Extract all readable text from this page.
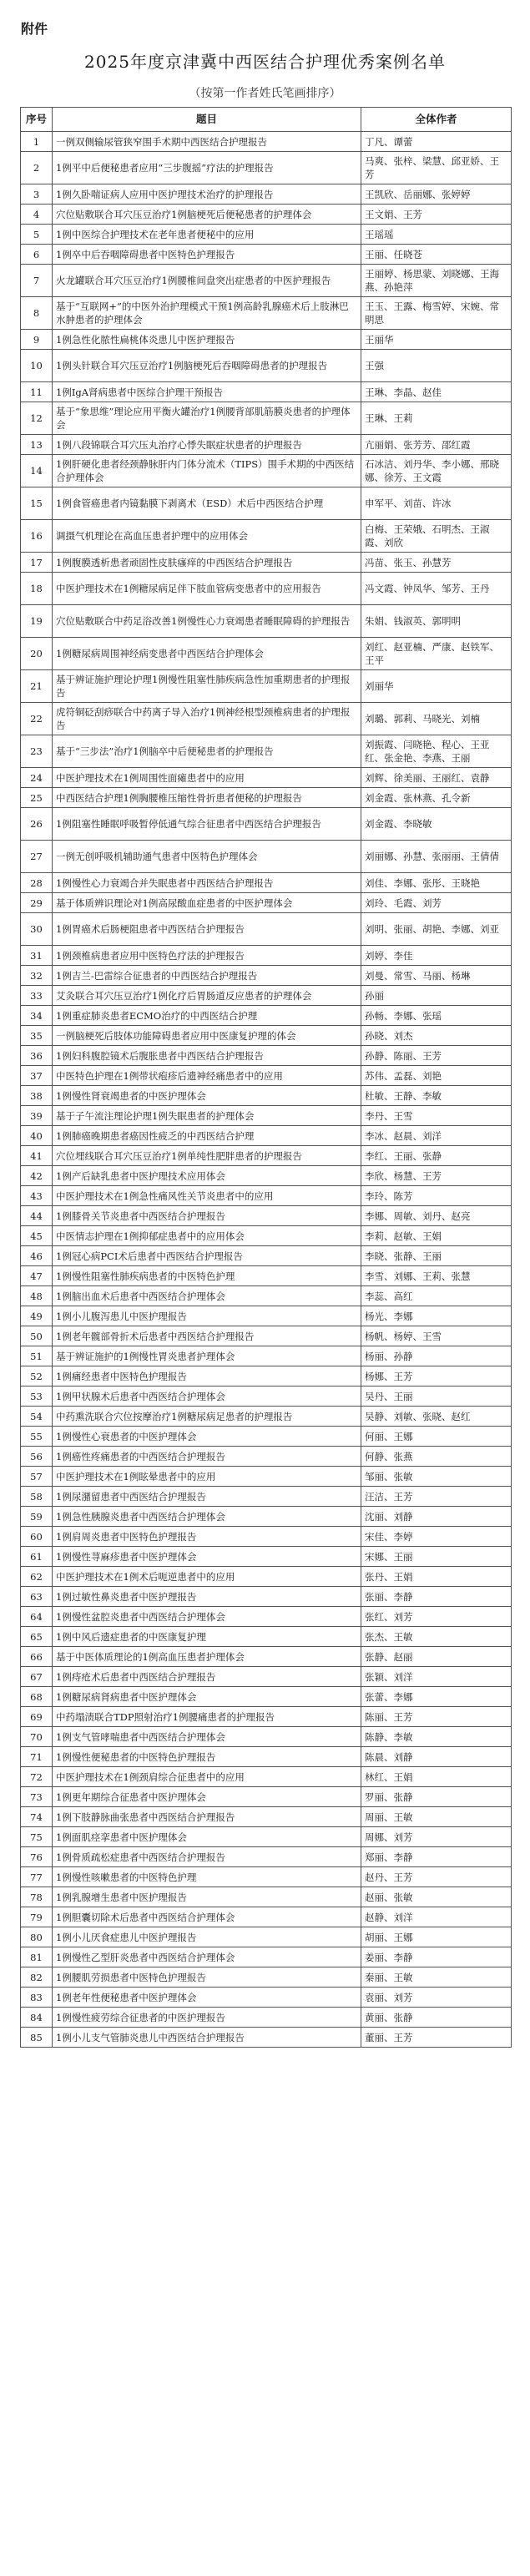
附件
2025年度京津冀中西医结合护理优秀案例名单
（按第一作者姓氏笔画排序）
序号	题目	全体作者
1	一例双侧输尿管狭窄围手术期中西医结合护理报告	丁凡、谭蕾
2	1例平中后便秘患者应用“三步腹摇”疗法的护理报告	马爽、张梓、梁慧、邱亚娇、王芳
3	1例久卧喘证病人应用中医护理技术治疗的护理报告	王凯欣、岳丽娜、张婷婷
4	穴位贴敷联合耳穴压豆治疗1例脑梗死后便秘患者的护理体会	王文娟、王芳
5	1例中医综合护理技术在老年患者便秘中的应用	王瑶瑶
6	1例卒中后吞咽障碍患者中医特色护理报告	王丽、任晓苍
7	火龙罐联合耳穴压豆治疗1例腰椎间盘突出症患者的中医护理报告	王丽婷、杨思蒙、刘晓娜、王海燕、孙艳萍
8	基于“互联网+”的中医外治护理模式干预1例高龄乳腺癌术后上肢淋巴水肿患者的护理体会	王玉、王露、梅雪婷、宋婉、常明思
9	1例急性化脓性扁桃体炎患儿中医护理报告	王丽华
10	1例头针联合耳穴压豆治疗1例脑梗死后吞咽障碍患者的护理报告	王强
11	1例IgA肾病患者中医综合护理干预报告	王琳、李晶、赵佳
12	基于“象思维”理论应用平衡火罐治疗1例腰背部肌筋膜炎患者的护理体会	王琳、王莉
13	1例八段锦联合耳穴压丸治疗心悸失眠症状患者的护理报告	亢丽娟、张芳芳、邵红霞
14	1例肝硬化患者经颈静脉肝内门体分流术（TIPS）围手术期的中西医结合护理体会	石冰洁、刘丹华、李小娜、邢晓娜、徐芳、王文霞
15	1例食管癌患者内镜黏膜下剥离术（ESD）术后中西医结合护理	申军平、刘苗、许冰
16	调摄气机理论在高血压患者护理中的应用体会	白梅、王荣娥、石明杰、王淑霞、刘欣
17	1例腹膜透析患者顽固性皮肤瘙痒的中西医结合护理报告	冯苗、张玉、孙慧芳
18	中医护理技术在1例糖尿病足伴下肢血管病变患者中的应用报告	冯文霞、钟凤华、邹芳、王丹
19	穴位贴敷联合中药足浴改善1例慢性心力衰竭患者睡眠障碍的护理报告	朱娟、钱淑英、郭明明
20	1例糖尿病周围神经病变患者中西医结合护理体会	刘红、赵亚楠、严康、赵铁军、王平
21	基于辨证施护理论护理1例慢性阻塞性肺疾病急性加重期患者的护理报告	刘丽华
22	虎符铜砭刮痧联合中药离子导入治疗1例神经根型颈椎病患者的护理报告	刘璐、郭莉、马晓光、刘楠
23	基于“三步法”治疗1例脑卒中后便秘患者的护理报告	刘振霞、闫晓艳、程心、王亚红、张金艳、李燕、王丽
24	中医护理技术在1例周围性面瘫患者中的应用	刘辉、徐美丽、王丽红、袁静
25	中西医结合护理1例胸腰椎压缩性骨折患者便秘的护理报告	刘金霞、张林燕、孔令新
26	1例阻塞性睡眠呼吸暂停低通气综合征患者中西医结合护理报告	刘金霞、李晓敏
27	一例无创呼吸机辅助通气患者中医特色护理体会	刘丽娜、孙慧、张丽丽、王倩倩
28	1例慢性心力衰竭合并失眠患者中西医结合护理报告	刘佳、李娜、张彤、王晓艳
29	基于体质辨识理论对1例高尿酸血症患者的中医护理体会	刘玲、毛霞、刘芳
30	1例胃癌术后肠梗阻患者中西医结合护理报告	刘明、张丽、胡艳、李娜、刘亚
31	1例颈椎病患者应用中医特色疗法的护理报告	刘婷、李佳
32	1例吉兰-巴雷综合征患者的中西医结合护理报告	刘曼、常雪、马丽、杨琳
33	艾灸联合耳穴压豆治疗1例化疗后胃肠道反应患者的护理体会	孙丽
34	1例重症肺炎患者ECMO治疗的中西医结合护理	孙畅、李娜、张瑶
35	一例脑梗死后肢体功能障碍患者应用中医康复护理的体会	孙晓、刘杰
36	1例妇科腹腔镜术后腹胀患者中西医结合护理报告	孙静、陈丽、王芳
37	中医特色护理在1例带状疱疹后遗神经痛患者中的应用	苏伟、孟磊、刘艳
38	1例慢性肾衰竭患者的中医护理体会	杜敏、王静、李敏
39	基于子午流注理论护理1例失眠患者的护理体会	李丹、王雪
40	1例肺癌晚期患者癌因性疲乏的中西医结合护理	李冰、赵晨、刘洋
41	穴位埋线联合耳穴压豆治疗1例单纯性肥胖患者的护理报告	李红、王丽、张静
42	1例产后缺乳患者中医护理技术应用体会	李欣、杨慧、王芳
43	中医护理技术在1例急性痛风性关节炎患者中的应用	李玲、陈芳
44	1例膝骨关节炎患者中西医结合护理报告	李娜、周敏、刘丹、赵亮
45	中医情志护理在1例抑郁症患者中的应用体会	李莉、赵敏、王娟
46	1例冠心病PCI术后患者中西医结合护理报告	李晓、张静、王丽
47	1例慢性阻塞性肺疾病患者的中医特色护理	李雪、刘娜、王莉、张慧
48	1例脑出血术后患者中西医结合护理体会	李蕊、高红
49	1例小儿腹泻患儿中医护理报告	杨光、李娜
50	1例老年髋部骨折术后患者中西医结合护理报告	杨帆、杨婷、王雪
51	基于辨证施护的1例慢性胃炎患者护理体会	杨丽、孙静
52	1例痛经患者中医特色护理报告	杨娜、王芳
53	1例甲状腺术后患者中西医结合护理体会	吴丹、王丽
54	中药熏洗联合穴位按摩治疗1例糖尿病足患者的护理报告	吴静、刘敏、张晓、赵红
55	1例慢性心衰患者的中医护理体会	何丽、王娜
56	1例癌性疼痛患者的中西医结合护理报告	何静、张燕
57	中医护理技术在1例眩晕患者中的应用	邹丽、张敏
58	1例尿潴留患者中西医结合护理报告	汪洁、王芳
59	1例急性胰腺炎患者中西医结合护理体会	沈丽、刘静
60	1例肩周炎患者中医特色护理报告	宋佳、李婷
61	1例慢性荨麻疹患者中医护理体会	宋娜、王丽
62	中医护理技术在1例术后呃逆患者中的应用	张丹、王娟
63	1例过敏性鼻炎患者中医护理报告	张丽、李静
64	1例慢性盆腔炎患者中西医结合护理体会	张红、刘芳
65	1例中风后遗症患者的中医康复护理	张杰、王敏
66	基于中医体质理论的1例高血压患者护理体会	张静、赵丽
67	1例痔疮术后患者中西医结合护理报告	张颖、刘洋
68	1例糖尿病肾病患者中医护理体会	张蕾、李娜
69	中药塌渍联合TDP照射治疗1例腰痛患者的护理报告	陈丽、王芳
70	1例支气管哮喘患者中西医结合护理体会	陈静、李敏
71	1例慢性便秘患者的中医特色护理报告	陈晨、刘静
72	中医护理技术在1例颈肩综合征患者中的应用	林红、王娟
73	1例更年期综合征患者中医护理体会	罗丽、张静
74	1例下肢静脉曲张患者中西医结合护理报告	周丽、王敏
75	1例面肌痉挛患者中医护理体会	周娜、刘芳
76	1例骨质疏松症患者中西医结合护理报告	郑丽、李静
77	1例慢性咳嗽患者的中医特色护理	赵丹、王芳
78	1例乳腺增生患者中医护理报告	赵丽、张敏
79	1例胆囊切除术后患者中西医结合护理体会	赵静、刘洋
80	1例小儿厌食症患儿中医护理报告	胡丽、王娜
81	1例慢性乙型肝炎患者中西医结合护理体会	姜丽、李静
82	1例腰肌劳损患者中医特色护理报告	秦丽、王敏
83	1例老年性便秘患者中医护理体会	袁丽、刘芳
84	1例慢性疲劳综合征患者的中医护理报告	黄丽、张静
85	1例小儿支气管肺炎患儿中西医结合护理报告	董丽、王芳
